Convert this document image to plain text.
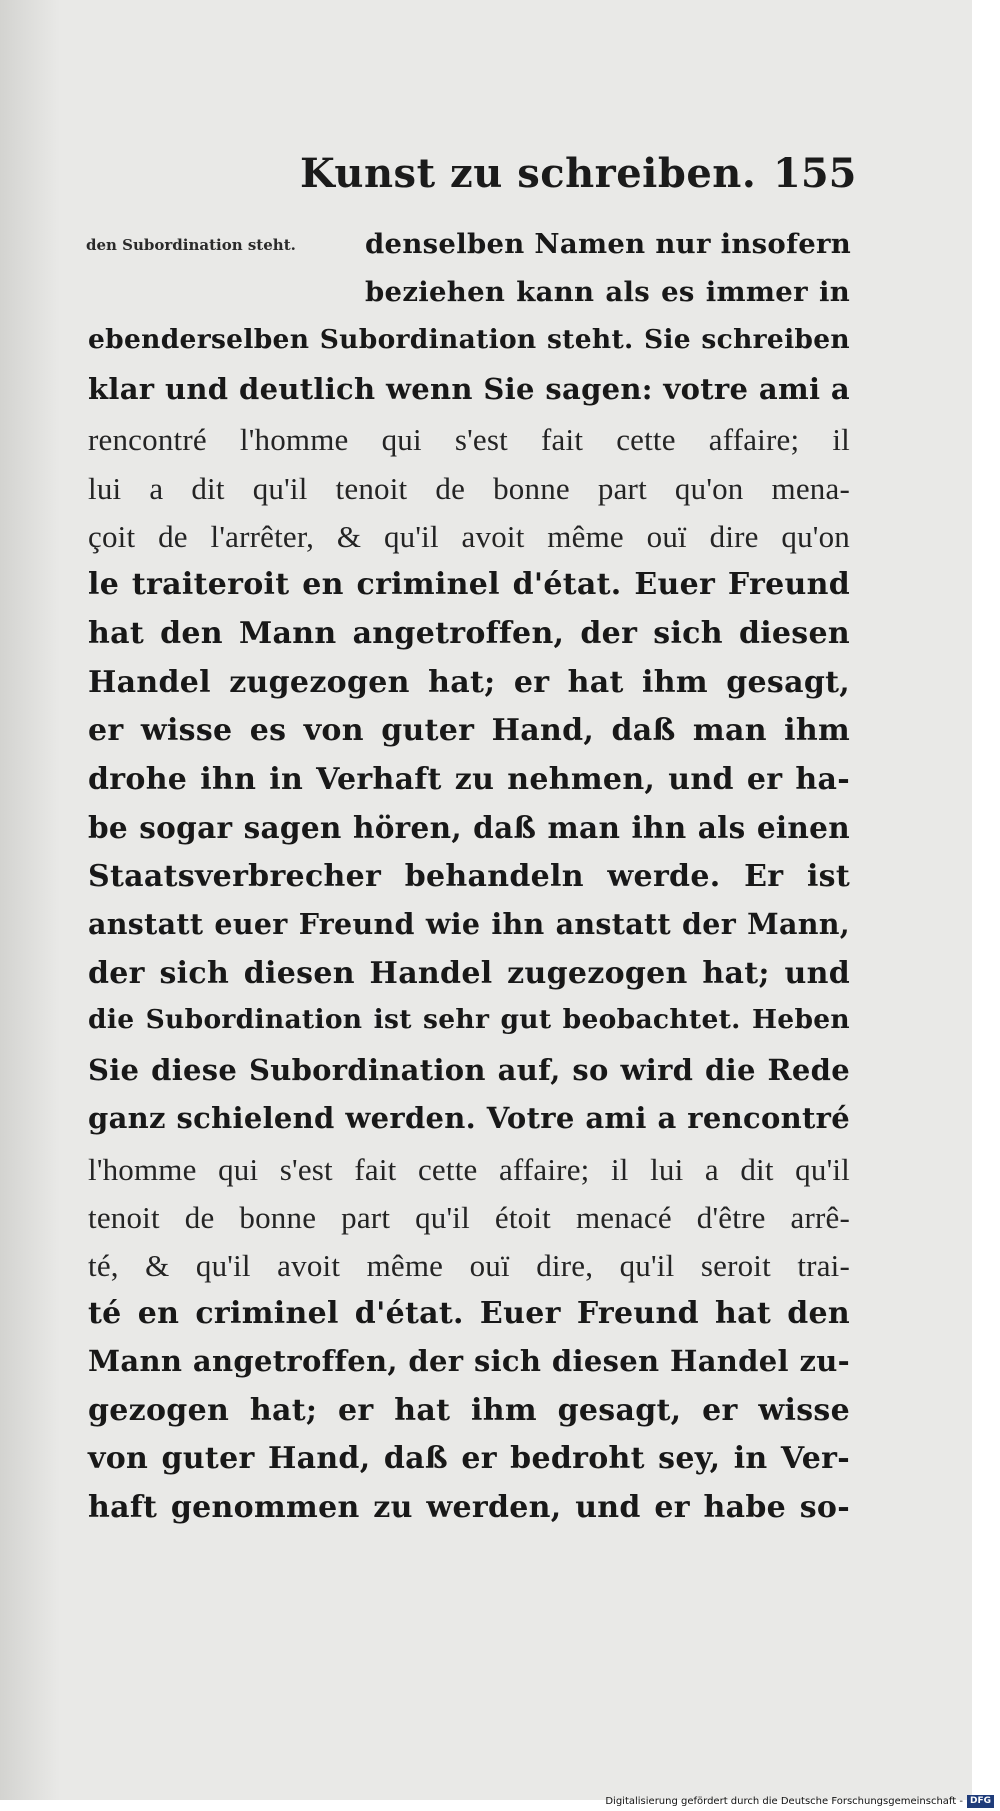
Kunst zu schreiben. 155
den Subordination steht.	denselben Namen nur insofern
beziehen kann als es immer in
ebenderselben Subordination steht. Sie schreiben
klar und deutlich wenn Sie sagen: votre ami a
rencontré l'homme qui s'est fait cette affaire; il
lui a dit qu'il tenoit de bonne part qu'on mena-
çoit de l'arrêter, & qu'il avoit même ouï dire qu'on
le traiteroit en criminel d'état. Euer Freund
hat den Mann angetroffen, der sich diesen
Handel zugezogen hat; er hat ihm gesagt,
er wisse es von guter Hand, daß man ihm
drohe ihn in Verhaft zu nehmen, und er ha-
be sogar sagen hören, daß man ihn als einen
Staatsverbrecher behandeln werde. Er ist
anstatt euer Freund wie ihn anstatt der Mann,
der sich diesen Handel zugezogen hat; und
die Subordination ist sehr gut beobachtet. Heben
Sie diese Subordination auf, so wird die Rede
ganz schielend werden. Votre ami a rencontré
l'homme qui s'est fait cette affaire; il lui a dit qu'il
tenoit de bonne part qu'il étoit menacé d'être arrê-
té, & qu'il avoit même ouï dire, qu'il seroit trai-
té en criminel d'état. Euer Freund hat den
Mann angetroffen, der sich diesen Handel zu-
gezogen hat; er hat ihm gesagt, er wisse
von guter Hand, daß er bedroht sey, in Ver-
haft genommen zu werden, und er habe so-
Digitalisierung gefördert durch die Deutsche Forschungsgemeinschaft - DFG
